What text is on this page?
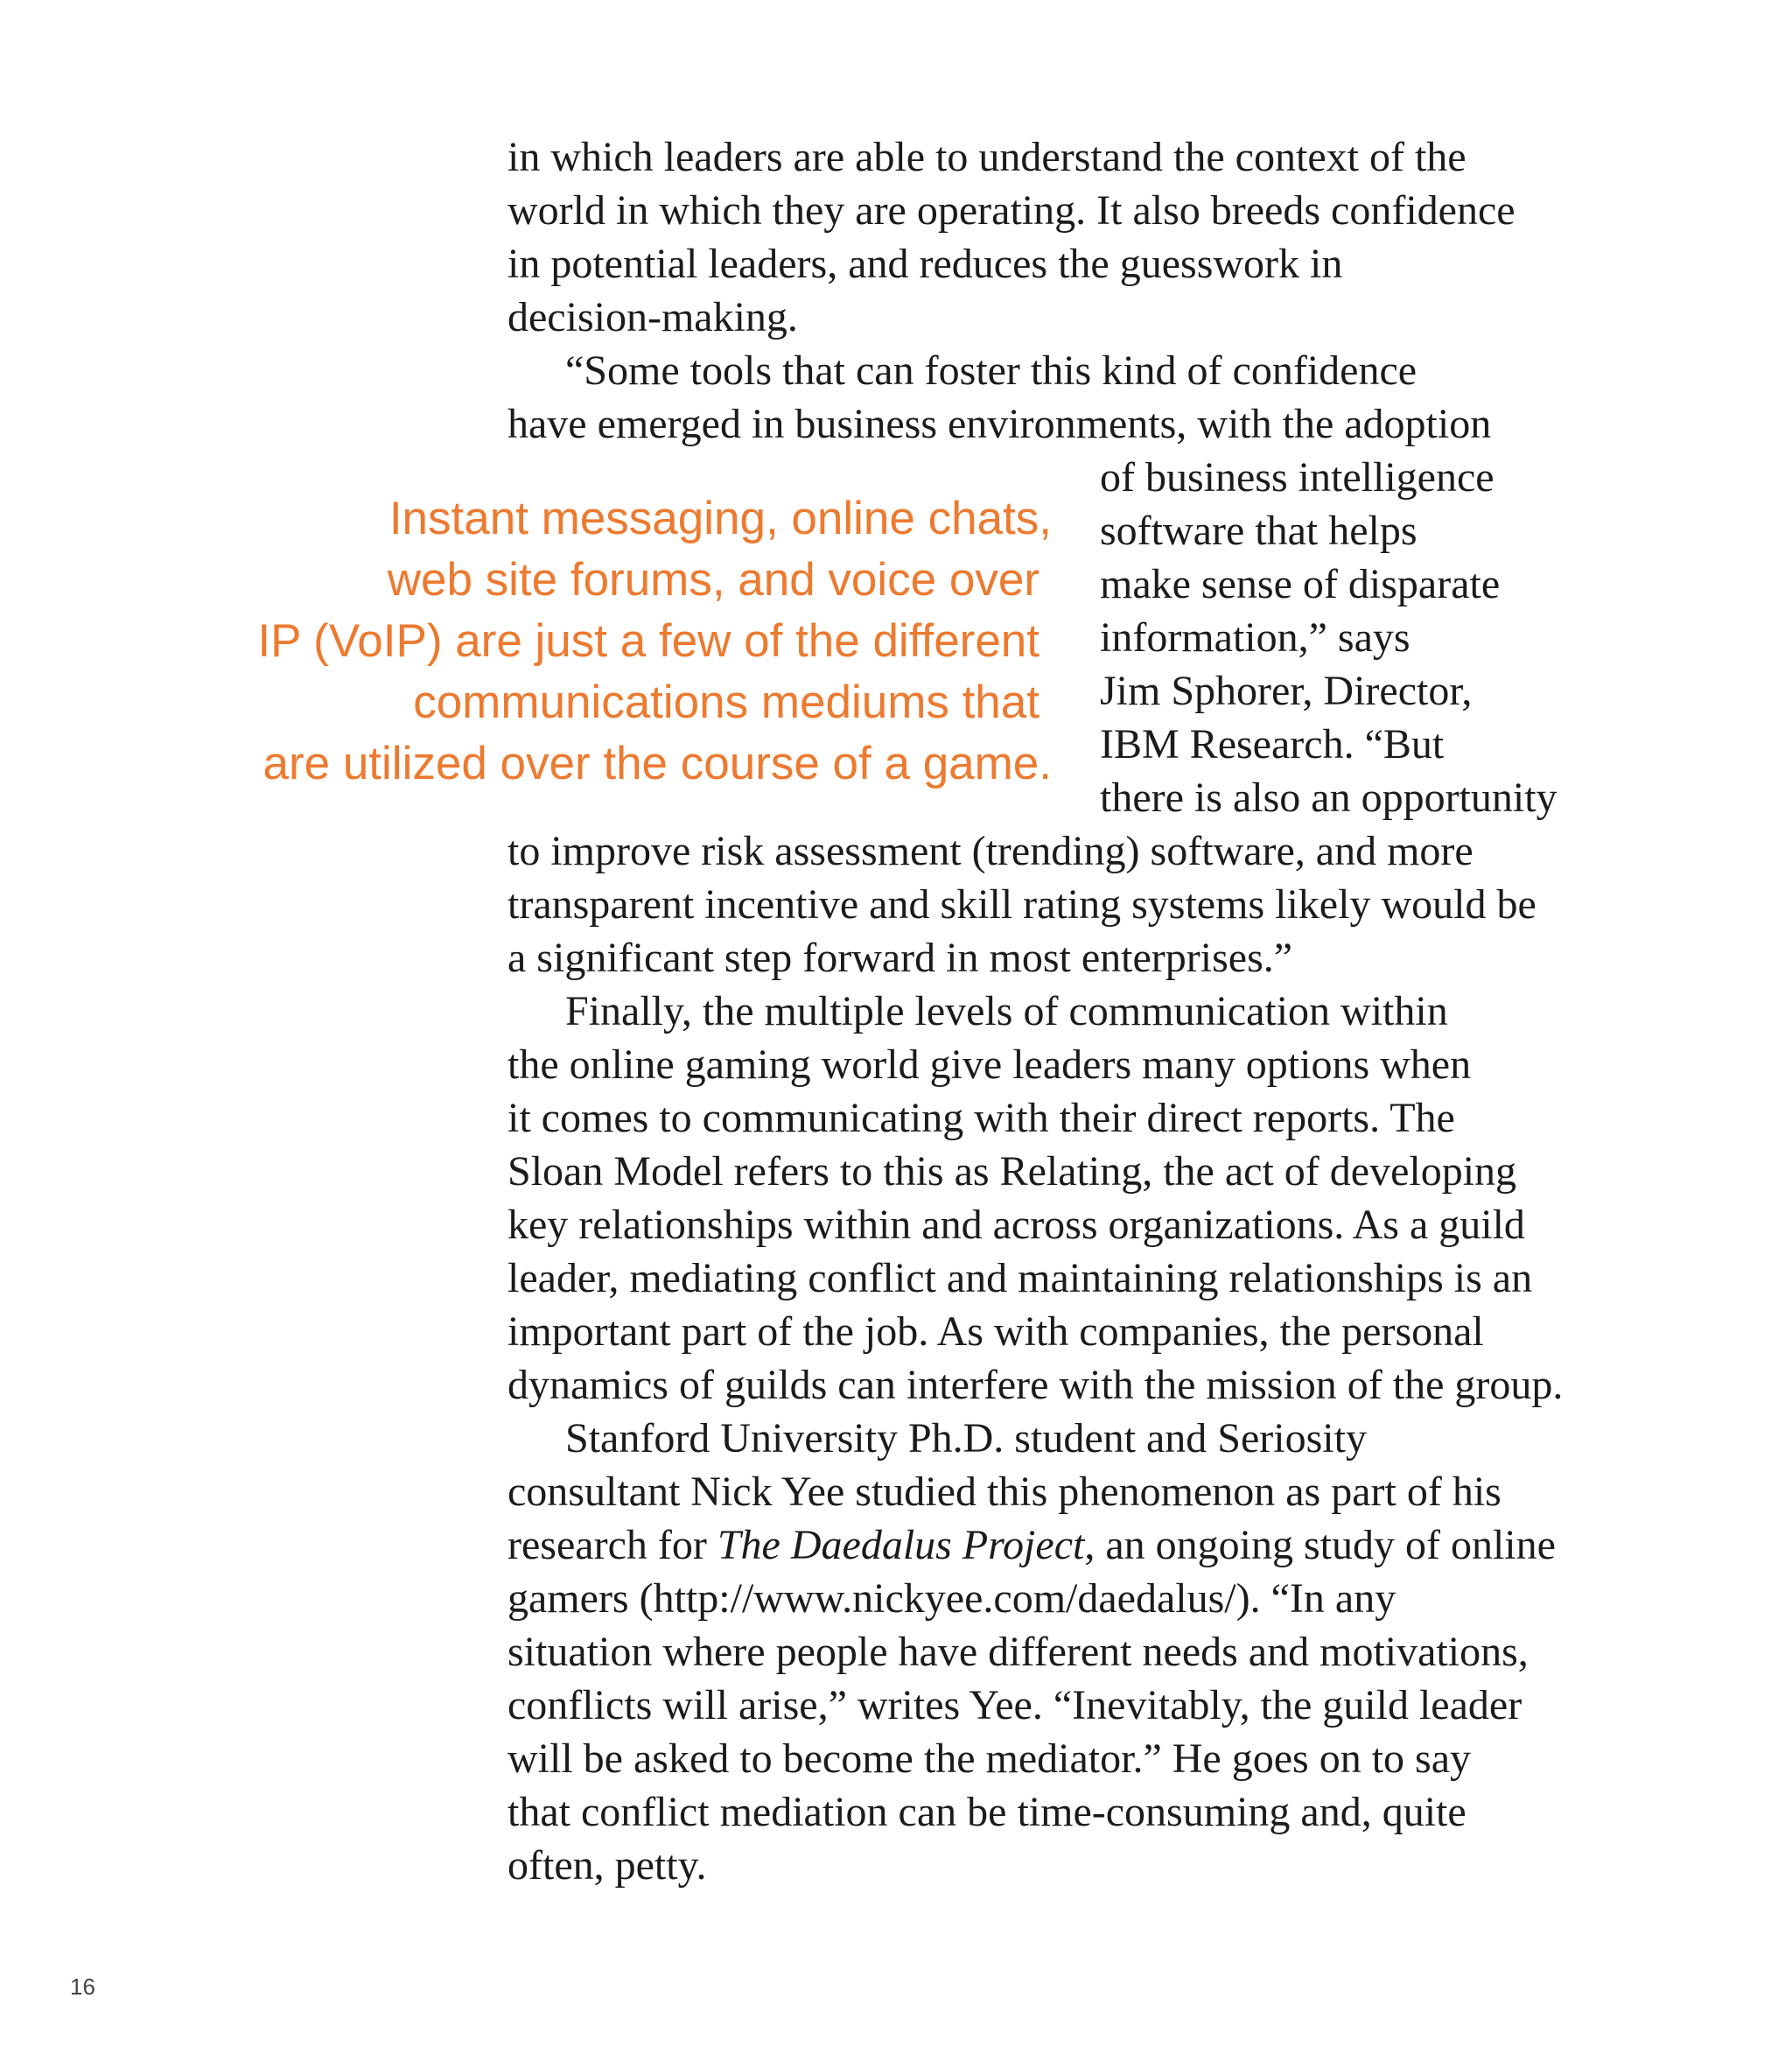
in which leaders are able to understand the context of the
world in which they are operating. It also breeds confidence
in potential leaders, and reduces the guesswork in
decision-making.
“Some tools that can foster this kind of confidence
have emerged in business environments, with the adoption
Instant messaging, online chats,
web site forums, and voice over
IP (VoIP) are just a few of the different
communications mediums that
are utilized over the course of a game.
of business intelligence
software that helps
make sense of disparate
information,” says
Jim Sphorer, Director,
IBM Research. “But
there is also an opportunity
to improve risk assessment (trending) software, and more
transparent incentive and skill rating systems likely would be
a significant step forward in most enterprises.”
Finally, the multiple levels of communication within
the online gaming world give leaders many options when
it comes to communicating with their direct reports. The
Sloan Model refers to this as Relating, the act of developing
key relationships within and across organizations. As a guild
leader, mediating conflict and maintaining relationships is an
important part of the job. As with companies, the personal
dynamics of guilds can interfere with the mission of the group.
Stanford University Ph.D. student and Seriosity
consultant Nick Yee studied this phenomenon as part of his
research for The Daedalus Project, an ongoing study of online
gamers (http://www.nickyee.com/daedalus/). “In any
situation where people have different needs and motivations,
conflicts will arise,” writes Yee. “Inevitably, the guild leader
will be asked to become the mediator.” He goes on to say
that conflict mediation can be time-consuming and, quite
often, petty.
16
